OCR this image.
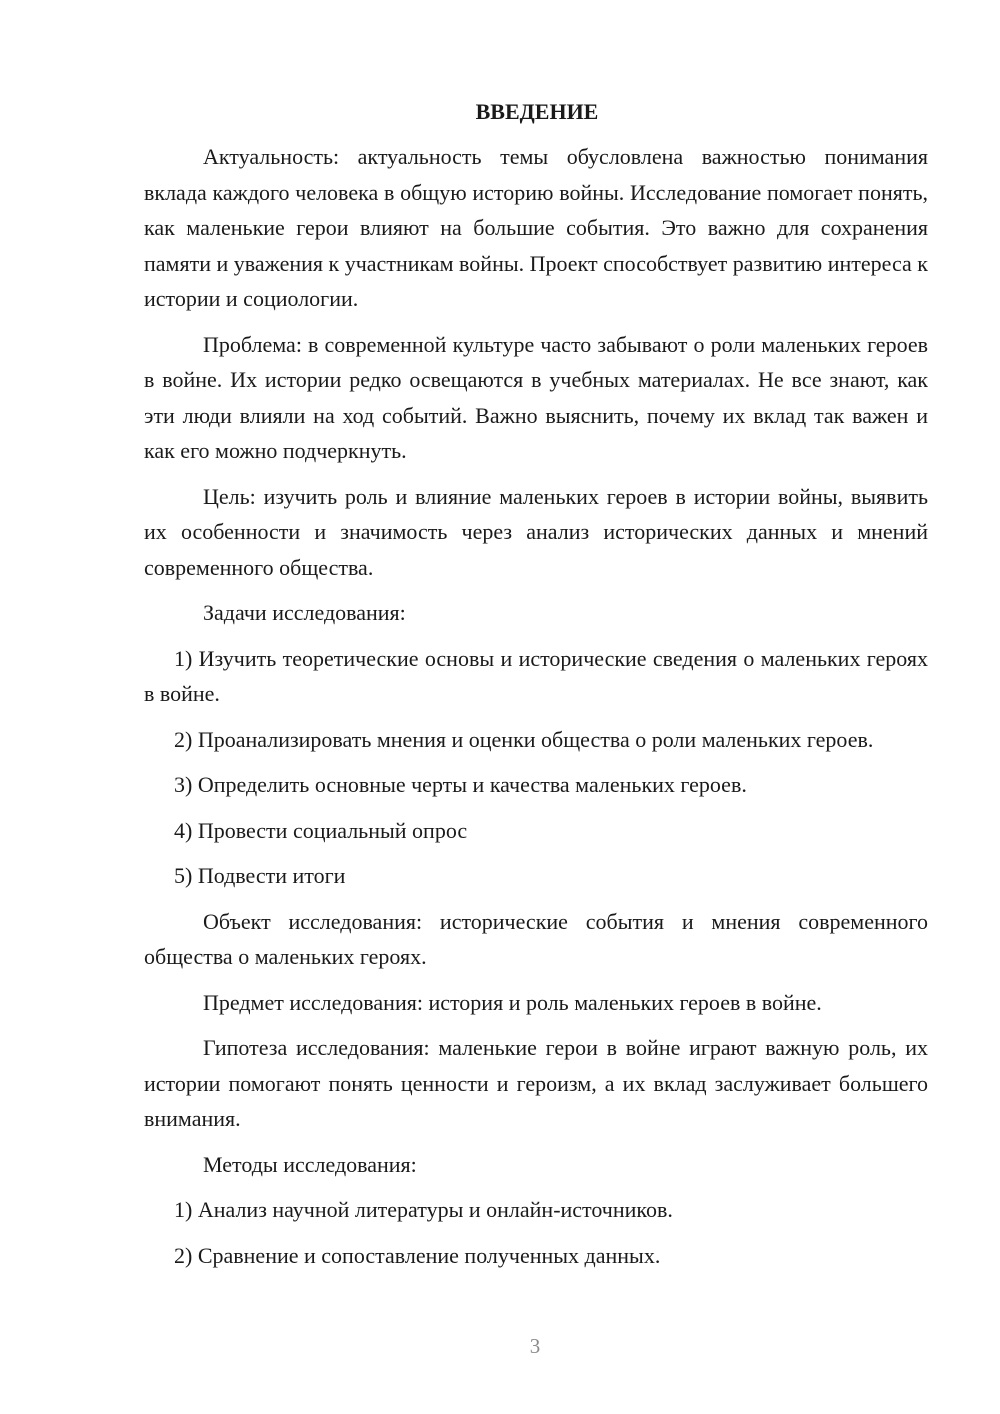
ВВЕДЕНИЕ

Актуальность: актуальность темы обусловлена важностью понимания вклада каждого человека в общую историю войны. Исследование помогает понять, как маленькие герои влияют на большие события. Это важно для сохранения памяти и уважения к участникам войны. Проект способствует развитию интереса к истории и социологии.

Проблема: в современной культуре часто забывают о роли маленьких героев в войне. Их истории редко освещаются в учебных материалах. Не все знают, как эти люди влияли на ход событий. Важно выяснить, почему их вклад так важен и как его можно подчеркнуть.

Цель: изучить роль и влияние маленьких героев в истории войны, выявить их особенности и значимость через анализ исторических данных и мнений современного общества.

Задачи исследования:

1) Изучить теоретические основы и исторические сведения о маленьких героях в войне.

2) Проанализировать мнения и оценки общества о роли маленьких героев.

3) Определить основные черты и качества маленьких героев.

4) Провести социальный опрос

5) Подвести итоги

Объект исследования: исторические события и мнения современного общества о маленьких героях.

Предмет исследования: история и роль маленьких героев в войне.

Гипотеза исследования: маленькие герои в войне играют важную роль, их истории помогают понять ценности и героизм, а их вклад заслуживает большего внимания.

Методы исследования:

1) Анализ научной литературы и онлайн-источников.

2) Сравнение и сопоставление полученных данных.

3
